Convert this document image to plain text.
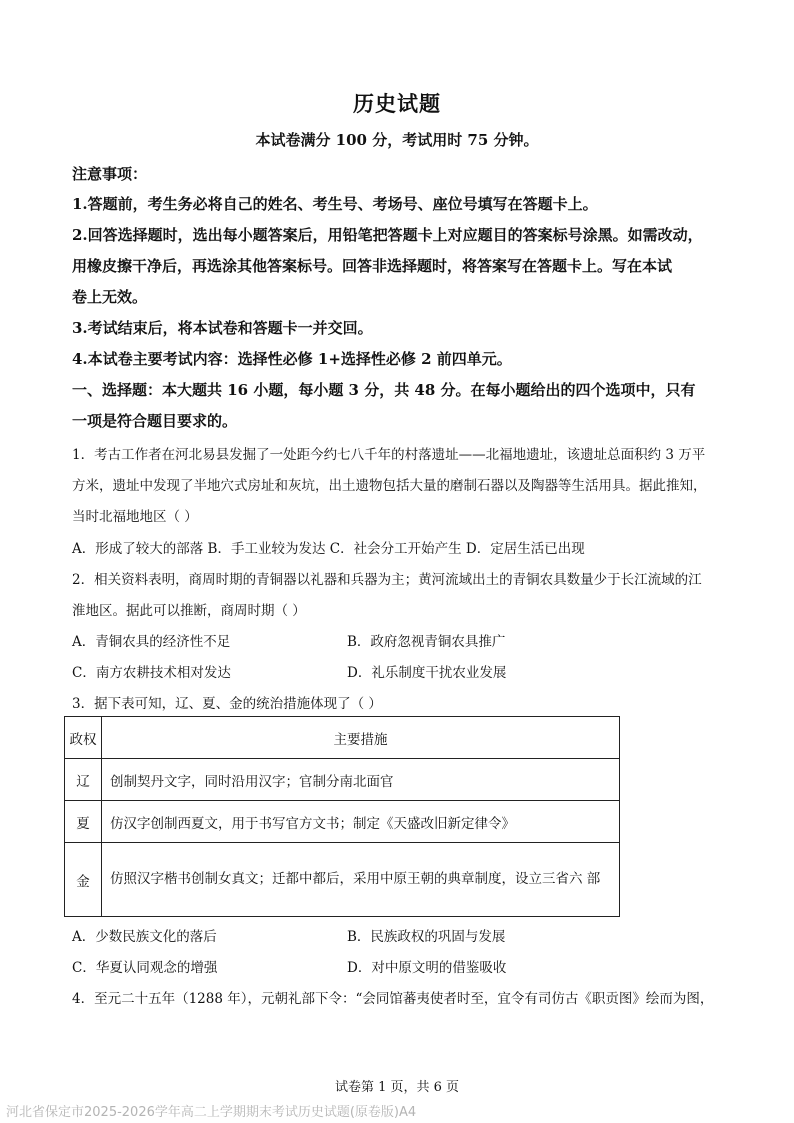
历史试题
本试卷满分 100 分，考试用时 75 分钟。
注意事项：
1.答题前，考生务必将自己的姓名、考生号、考场号、座位号填写在答题卡上。
2.回答选择题时，选出每小题答案后，用铅笔把答题卡上对应题目的答案标号涂黑。如需改动，
用橡皮擦干净后，再选涂其他答案标号。回答非选择题时，将答案写在答题卡上。写在本试
卷上无效。
3.考试结束后，将本试卷和答题卡一并交回。
4.本试卷主要考试内容：选择性必修 1+选择性必修 2 前四单元。
一、选择题：本大题共 16 小题，每小题 3 分，共 48 分。在每小题给出的四个选项中，只有
一项是符合题目要求的。
1．考古工作者在河北易县发掘了一处距今约七八千年的村落遗址——北福地遗址，该遗址总面积约 3 万平
方米，遗址中发现了半地穴式房址和灰坑，出土遗物包括大量的磨制石器以及陶器等生活用具。据此推知，
当时北福地地区（ ）
A．形成了较大的部落 B．手工业较为发达 C．社会分工开始产生 D．定居生活已出现
2．相关资料表明，商周时期的青铜器以礼器和兵器为主；黄河流域出土的青铜农具数量少于长江流域的江
淮地区。据此可以推断，商周时期（ ）
A．青铜农具的经济性不足	B．政府忽视青铜农具推广
C．南方农耕技术相对发达	D．礼乐制度干扰农业发展
3．据下表可知，辽、夏、金的统治措施体现了（ ）
政权	主要措施
辽	创制契丹文字，同时沿用汉字；官制分南北面官
夏	仿汉字创制西夏文，用于书写官方文书；制定《天盛改旧新定律令》
金	仿照汉字楷书创制女真文；迁都中都后，采用中原王朝的典章制度，设立三省六 部
A．少数民族文化的落后	B．民族政权的巩固与发展
C．华夏认同观念的增强	D．对中原文明的借鉴吸收
4．至元二十五年（1288 年），元朝礼部下令：“会同馆蕃夷使者时至，宜令有司仿古《职贡图》绘而为图，
试卷第 1 页，共 6 页
河北省保定市2025-2026学年高二上学期期末考试历史试题(原卷版)A4
